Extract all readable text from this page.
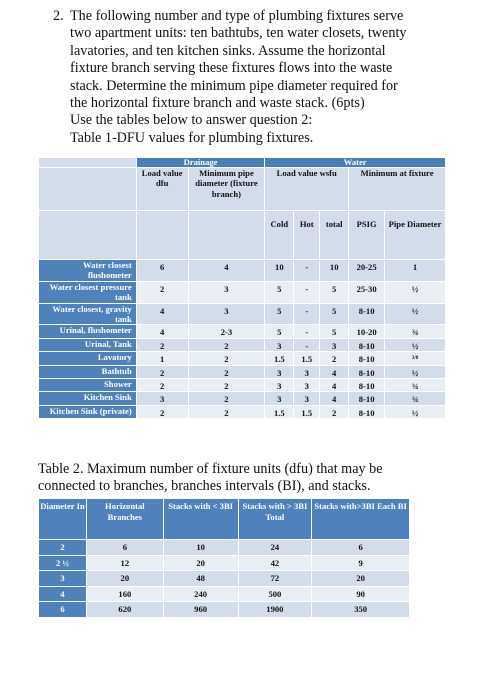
2. The following number and type of plumbing fixtures serve
two apartment units: ten bathtubs, ten water closets, twenty
lavatories, and ten kitchen sinks. Assume the horizontal
fixture branch serving these fixtures flows into the waste
stack. Determine the minimum pipe diameter required for
the horizontal fixture branch and waste stack. (6pts)
Use the tables below to answer question 2:
Table 1-DFU values for plumbing fixtures.
	Drainage		Water				
	Load value dfu	Minimum pipe diameter (fixture branch)	Load value wsfu			Minimum at fixture	
			Cold	Hot	total	PSIG	Pipe Diameter
Water closest flushometer	6	4	10	-	10	20-25	1
Water closest pressure tank	2	3	5	-	5	25-30	½
Water closest, gravity tank	4	3	5	-	5	8-10	½
Urinal, flushometer	4	2-3	5	-	5	10-20	¾
Urinal, Tank	2	2	3	-	3	8-10	½
Lavatory	1	2	1.5	1.5	2	8-10	3/8
Bathtub	2	2	3	3	4	8-10	½
Shower	2	2	3	3	4	8-10	¾
Kitchen Sink	3	2	3	3	4	8-10	¾
Kitchen Sink (private)	2	2	1.5	1.5	2	8-10	½
Table 2. Maximum number of fixture units (dfu) that may be
connected to branches, branches intervals (BI), and stacks.
Diameter In	Horizontal Branches	Stacks with < 3BI	Stacks with > 3BI Total	Stacks with>3BI Each BI
2	6	10	24	6
2 ½	12	20	42	9
3	20	48	72	20
4	160	240	500	90
6	620	960	1900	350
